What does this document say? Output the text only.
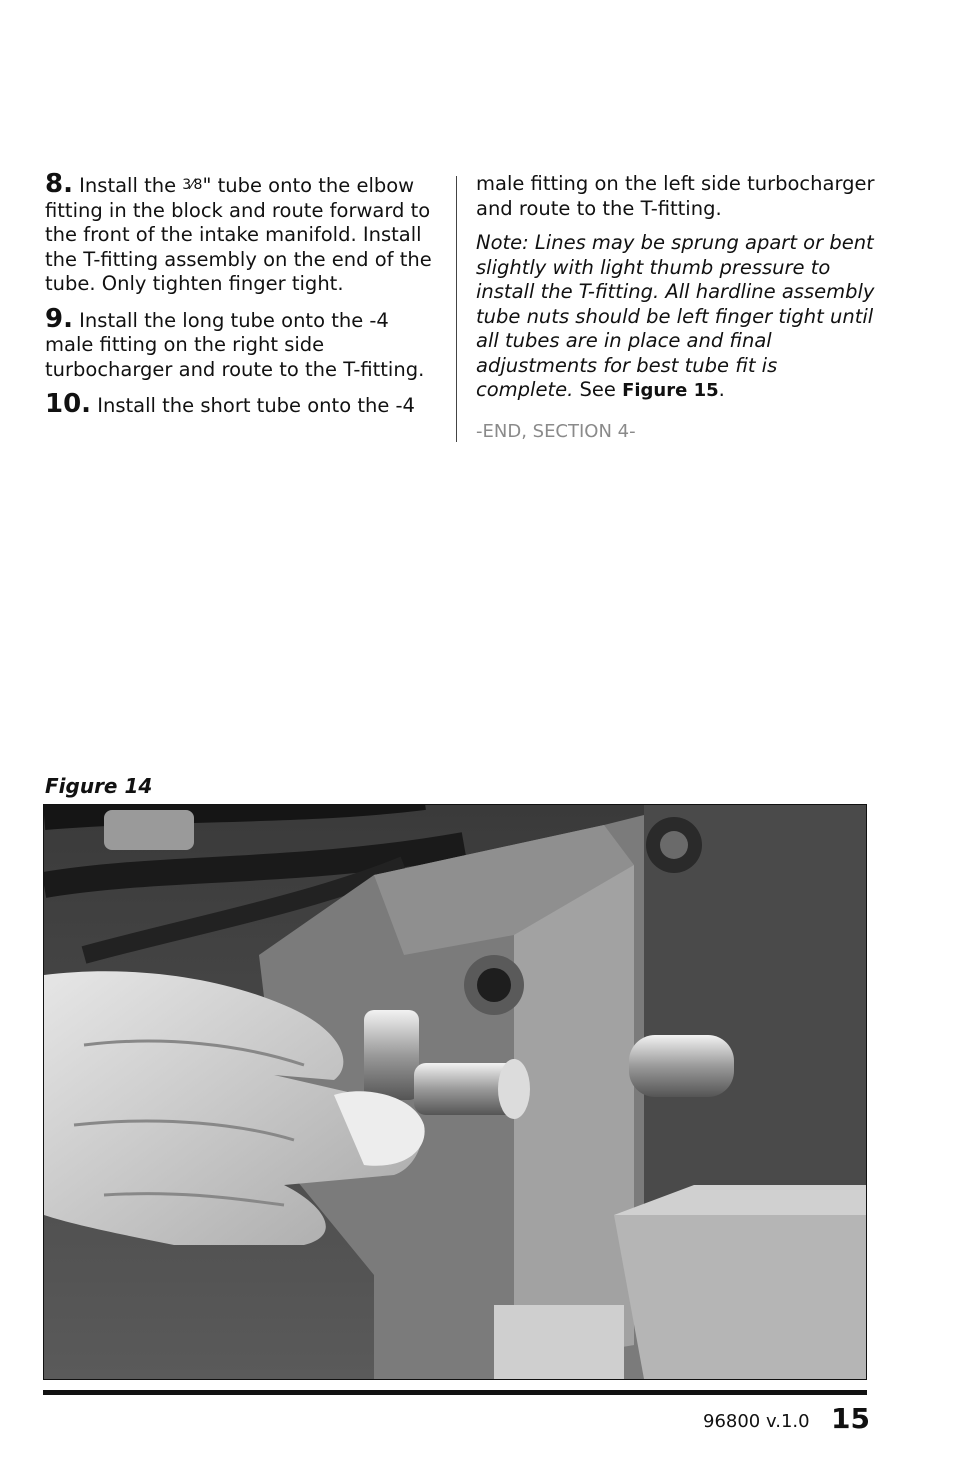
8. Install the 3⁄8" tube onto the elbow fitting in the block and route forward to the front of the intake manifold. Install the T-fitting assembly on the end of the tube. Only tighten finger tight.

9. Install the long tube onto the -4 male fitting on the right side turbocharger and route to the T-fitting.

10. Install the short tube onto the -4

male fitting on the left side turbocharger and route to the T-fitting.

Note: Lines may be sprung apart or bent slightly with light thumb pressure to install the T-fitting. All hardline assembly tube nuts should be left finger tight until all tubes are in place and final adjustments for best tube fit is complete. See Figure 15.

-END, SECTION 4-

Figure 14
96800 v.1.0 15
